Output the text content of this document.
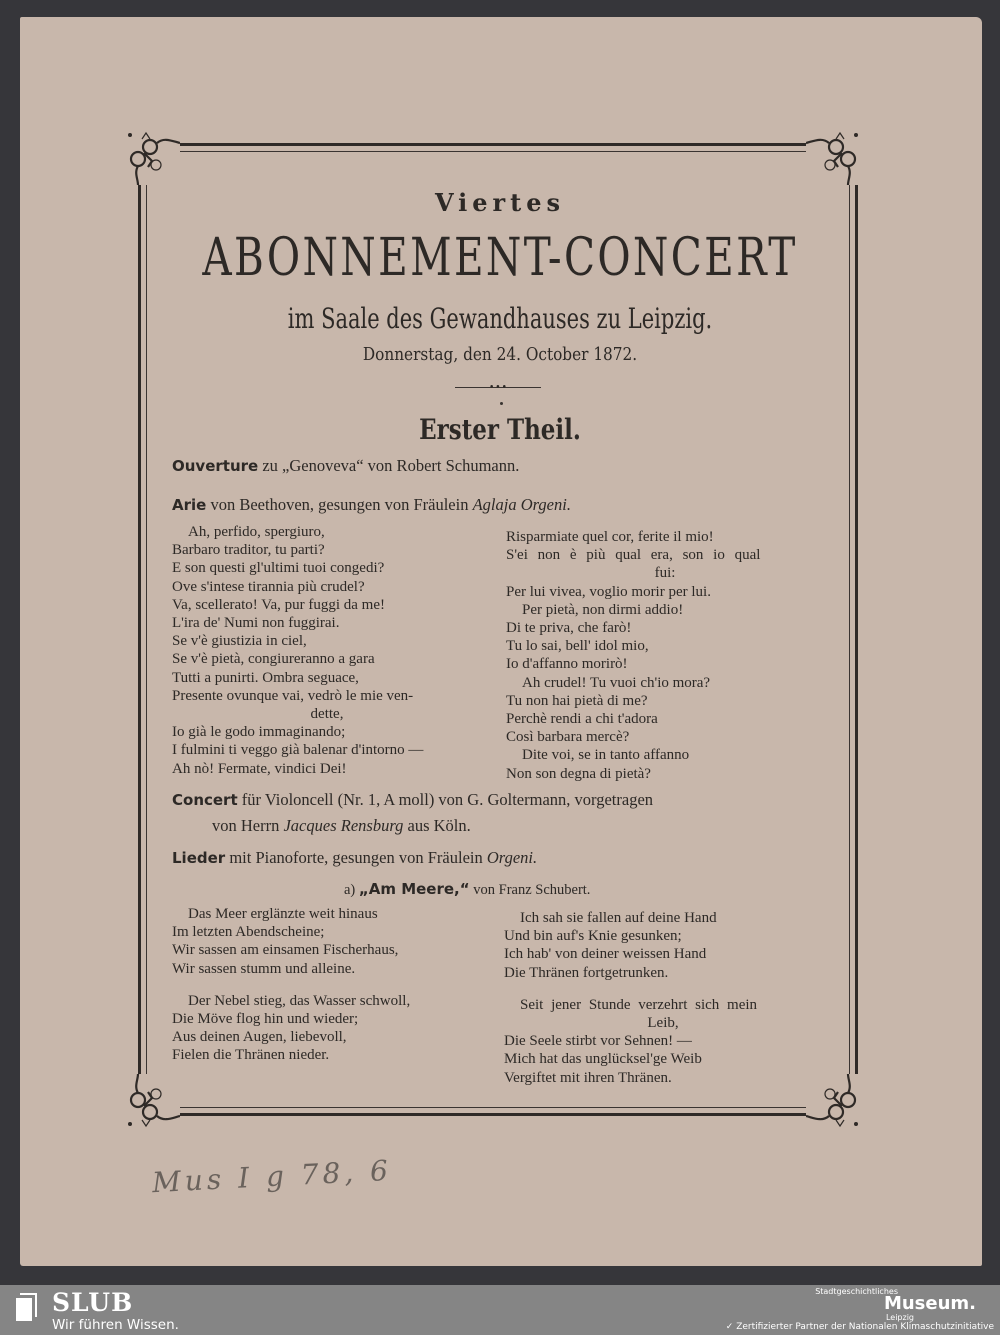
Viertes
ABONNEMENT-CONCERT
im Saale des Gewandhauses zu Leipzig.
Donnerstag, den 24. October 1872.
•••
Erster Theil.
Ouverture zu „Genoveva“ von Robert Schumann.
Arie von Beethoven, gesungen von Fräulein Aglaja Orgeni.
Ah, perfido, spergiuro,
Barbaro traditor, tu parti?
E son questi gl'ultimi tuoi congedi?
Ove s'intese tirannia più crudel?
Va, scellerato! Va, pur fuggi da me!
L'ira de' Numi non fuggirai.
Se v'è giustizia in ciel,
Se v'è pietà, congiureranno a gara
Tutti a punirti. Ombra seguace,
Presente ovunque vai, vedrò le mie ven-
dette,
Io già le godo immaginando;
I fulmini ti veggo già balenar d'intorno —
Ah nò! Fermate, vindici Dei!
Risparmiate quel cor, ferite il mio!
S'ei non è più qual era, son io qual
fui:
Per lui vivea, voglio morir per lui.
Per pietà, non dirmi addio!
Di te priva, che farò!
Tu lo sai, bell' idol mio,
Io d'affanno morirò!
Ah crudel! Tu vuoi ch'io mora?
Tu non hai pietà di me?
Perchè rendi a chi t'adora
Così barbara mercè?
Dite voi, se in tanto affanno
Non son degna di pietà?
Concert für Violoncell (Nr. 1, A moll) von G. Goltermann, vorgetragen
von Herrn Jacques Rensburg aus Köln.
Lieder mit Pianoforte, gesungen von Fräulein Orgeni.
a) „Am Meere,“ von Franz Schubert.
Das Meer erglänzte weit hinaus
Im letzten Abendscheine;
Wir sassen am einsamen Fischerhaus,
Wir sassen stumm und alleine.
Der Nebel stieg, das Wasser schwoll,
Die Möve flog hin und wieder;
Aus deinen Augen, liebevoll,
Fielen die Thränen nieder.
Ich sah sie fallen auf deine Hand
Und bin auf's Knie gesunken;
Ich hab' von deiner weissen Hand
Die Thränen fortgetrunken.
Seit jener Stunde verzehrt sich mein
Leib,
Die Seele stirbt vor Sehnen! —
Mich hat das unglücksel'ge Weib
Vergiftet mit ihren Thränen.
Mus I g 78, 6
SLUB
Wir führen Wissen.
Stadtgeschichtliches
Museum.
Leipzig
✓ Zertifizierter Partner der Nationalen Klimaschutzinitiative
